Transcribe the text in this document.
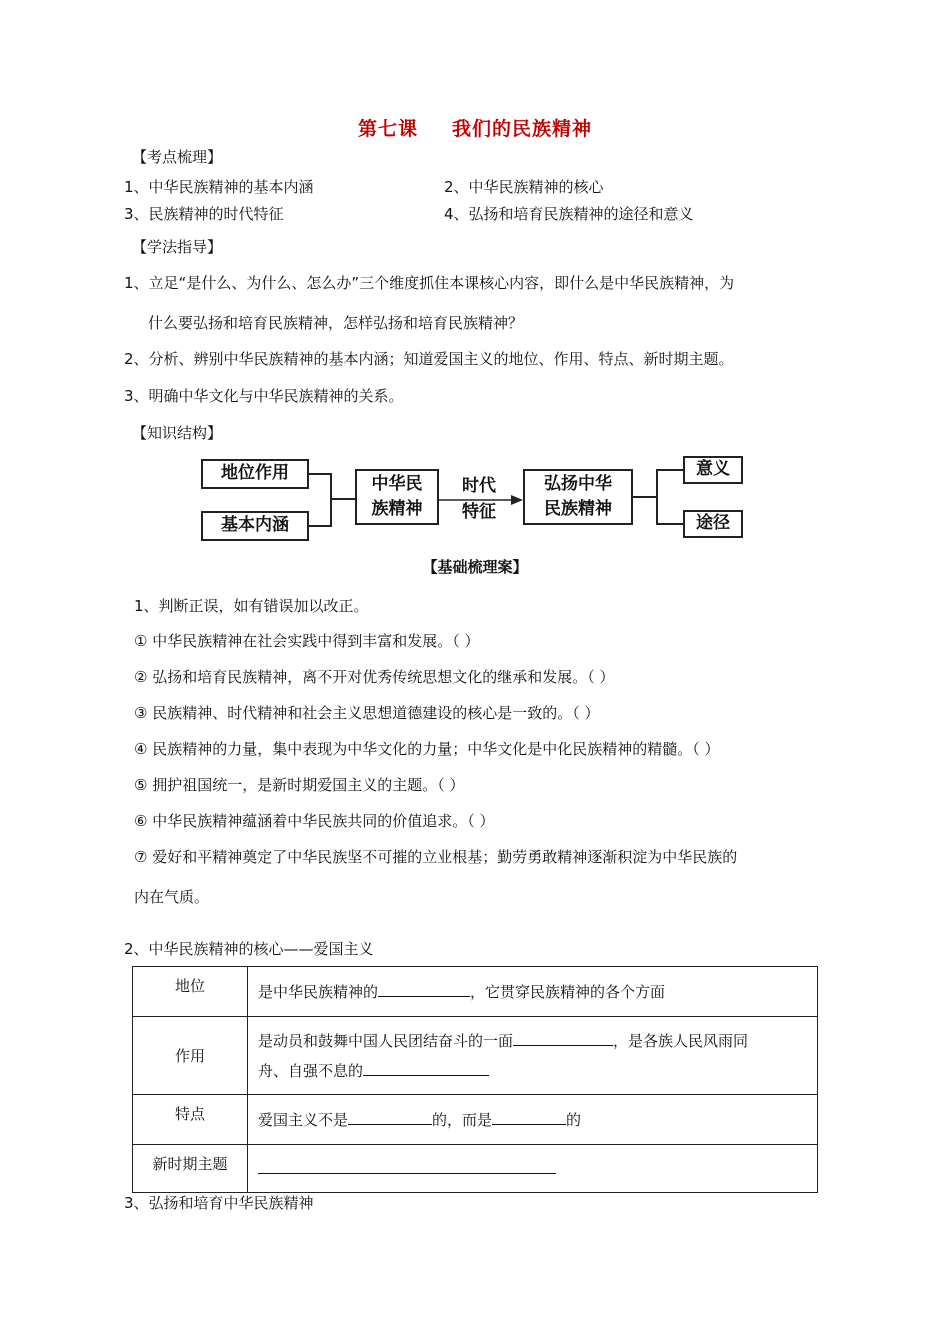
第七课 我们的民族精神
【考点梳理】
1、中华民族精神的基本内涵	2、中华民族精神的核心
3、民族精神的时代特征	4、弘扬和培育民族精神的途径和意义
【学法指导】
1、立足“是什么、为什么、怎么办”三个维度抓住本课核心内容，即什么是中华民族精神，为
什么要弘扬和培育民族精神，怎样弘扬和培育民族精神？
2、分析、辨别中华民族精神的基本内涵；知道爱国主义的地位、作用、特点、新时期主题。
3、明确中华文化与中华民族精神的关系。
【知识结构】
地位作用
基本内涵
中华民
族精神
时代
特征
弘扬中华
民族精神
意义
途径
【基础梳理案】
1、判断正误，如有错误加以改正。
① 中华民族精神在社会实践中得到丰富和发展。（ ）
② 弘扬和培育民族精神，离不开对优秀传统思想文化的继承和发展。（ ）
③ 民族精神、时代精神和社会主义思想道德建设的核心是一致的。（ ）
④ 民族精神的力量，集中表现为中华文化的力量；中华文化是中化民族精神的精髓。（ ）
⑤ 拥护祖国统一，是新时期爱国主义的主题。（ ）
⑥ 中华民族精神蕴涵着中华民族共同的价值追求。（ ）
⑦ 爱好和平精神奠定了中华民族坚不可摧的立业根基；勤劳勇敢精神逐渐积淀为中华民族的
内在气质。
2、中华民族精神的核心——爱国主义
地位	是中华民族精神的 ，它贯穿民族精神的各个方面
作用	是动员和鼓舞中国人民团结奋斗的一面 ，是各族人民风雨同
舟、自强不息的

特点	爱国主义不是 的，而是 的
新时期主题	
3、弘扬和培育中华民族精神
